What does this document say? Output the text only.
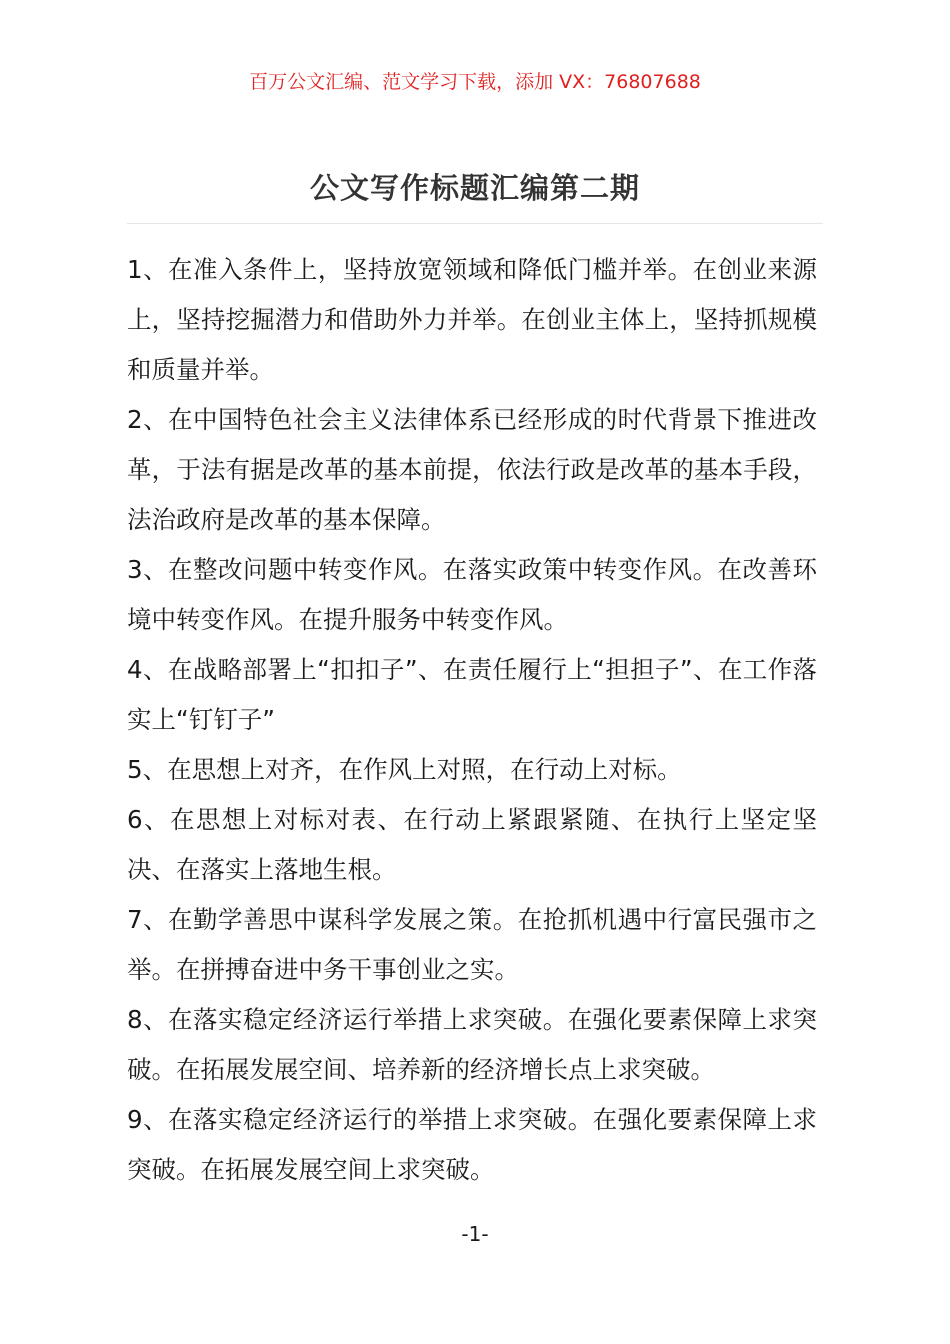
百万公文汇编、范文学习下载，添加 VX：76807688
公文写作标题汇编第二期

1、在准入条件上，坚持放宽领域和降低门槛并举。在创业来源上，坚持挖掘潜力和借助外力并举。在创业主体上，坚持抓规模和质量并举。

2、在中国特色社会主义法律体系已经形成的时代背景下推进改革，于法有据是改革的基本前提，依法行政是改革的基本手段，法治政府是改革的基本保障。

3、在整改问题中转变作风。在落实政策中转变作风。在改善环境中转变作风。在提升服务中转变作风。

4、在战略部署上“扣扣子”、在责任履行上“担担子”、在工作落实上“钉钉子”

5、在思想上对齐，在作风上对照，在行动上对标。

6、在思想上对标对表、在行动上紧跟紧随、在执行上坚定坚决、在落实上落地生根。

7、在勤学善思中谋科学发展之策。在抢抓机遇中行富民强市之举。在拼搏奋进中务干事创业之实。

8、在落实稳定经济运行举措上求突破。在强化要素保障上求突破。在拓展发展空间、培养新的经济增长点上求突破。

9、在落实稳定经济运行的举措上求突破。在强化要素保障上求突破。在拓展发展空间上求突破。

-1-
